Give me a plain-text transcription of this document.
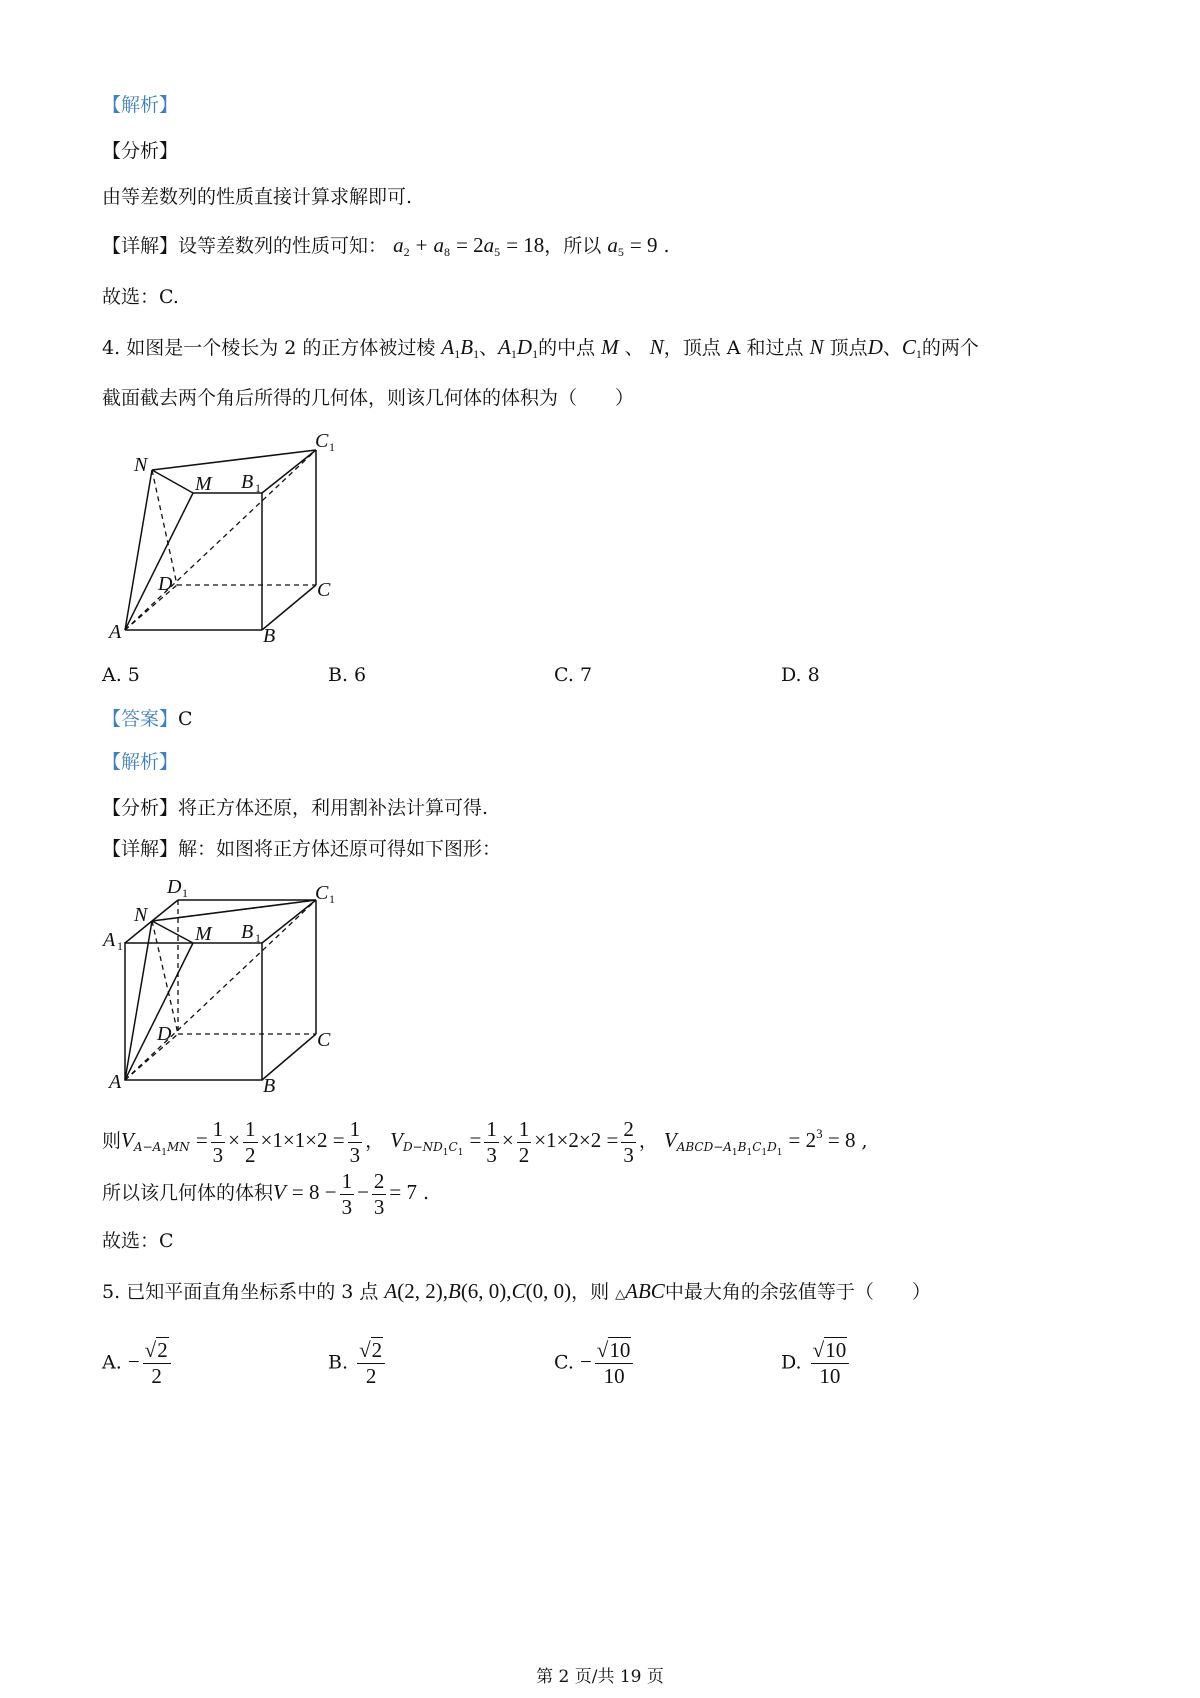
【解析】
【分析】
由等差数列的性质直接计算求解即可.
【详解】设等差数列的性质可知： $a_2 + a_8 = 2a_5 = 18$，所以 $a_5 = 9$ .
故选：C.
4. 如图是一个棱长为 2 的正方体被过棱 $A_1B_1$、$A_1D_1$的中点 M 、 N，顶点 A 和过点 N 顶点D、$C_1$的两个
截面截去两个角后所得的几何体，则该几何体的体积为（　　）
N
M B 1
C 1
D	C
A	B
A. 5	B. 6	C. 7	D. 8
【答案】C
【解析】
【分析】将正方体还原，利用割补法计算可得.
【详解】解：如图将正方体还原可得如下图形：
D 1	C 1
N
A 1
M B 1
D	C
A	B
则$V_{A-A_1MN} = \frac{1}{3} \times \frac{1}{2} \times 1\times 1\times 2 = \frac{1}{3}$ ， $V_{D-ND_1C_1} = \frac{1}{3} \times \frac{1}{2} \times 1\times 2\times 2 = \frac{2}{3}$ ， $V_{ABCD-A_1B_1C_1D_1} = 2^3 = 8$ ,
所以该几何体的体积$V = 8 - \frac{1}{3} - \frac{2}{3} = 7$ .
故选：C
5. 已知平面直角坐标系中的 3 点 A(2, 2),B(6, 0),C(0, 0)，则 △ABC中最大角的余弦值等于（　　）
A. − $\frac{√2}{2}$	B. $\frac{√2}{2}$	C. − $\frac{√10}{10}$	D. $\frac{√10}{10}$
第 2 页/共 19 页
